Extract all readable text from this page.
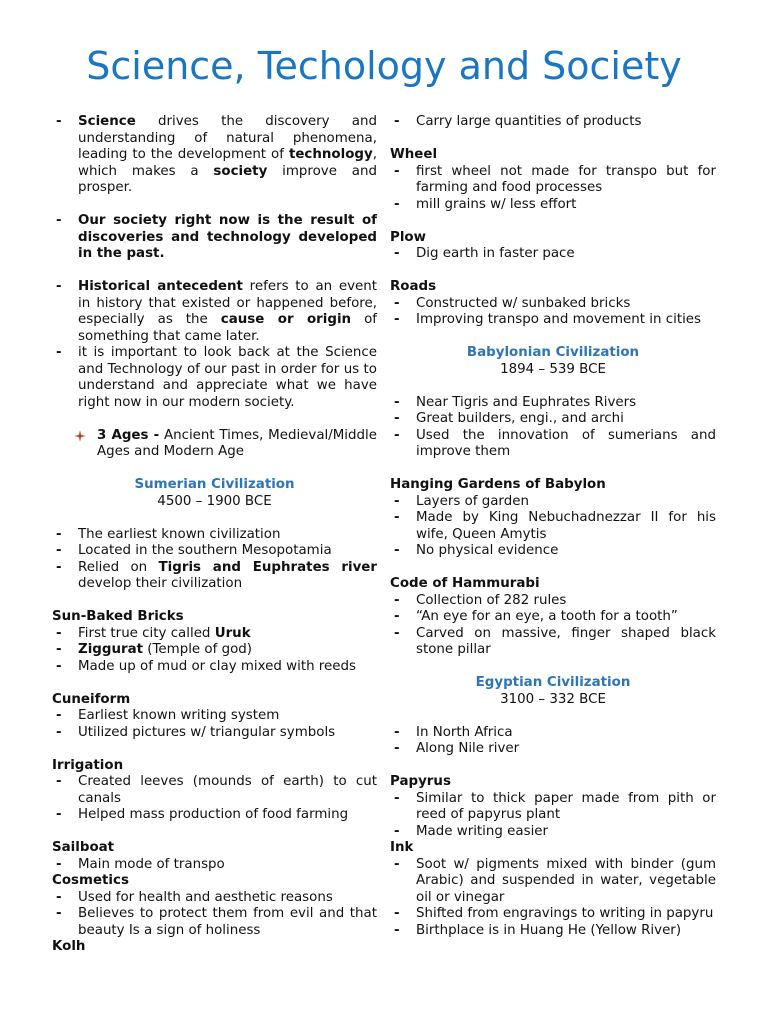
Science, Techology and Society
- Science drives the discovery and understanding of natural phenomena, leading to the development of technology, which makes a society improve and prosper.
- Our society right now is the result of discoveries and technology developed in the past.
- Historical antecedent refers to an event in history that existed or happened before, especially as the cause or origin of something that came later.
- it is important to look back at the Science and Technology of our past in order for us to understand and appreciate what we have right now in our modern society.
3 Ages - Ancient Times, Medieval/Middle Ages and Modern Age
Sumerian Civilization
4500 – 1900 BCE
- The earliest known civilization
- Located in the southern Mesopotamia
- Relied on Tigris and Euphrates river develop their civilization
Sun-Baked Bricks
- First true city called Uruk
- Ziggurat (Temple of god)
- Made up of mud or clay mixed with reeds
Cuneiform
- Earliest known writing system
- Utilized pictures w/ triangular symbols
Irrigation
- Created leeves (mounds of earth) to cut canals
- Helped mass production of food farming
Sailboat
- Main mode of transpo
Cosmetics
- Used for health and aesthetic reasons
- Believes to protect them from evil and that beauty Is a sign of holiness
Kolh
- Carry large quantities of products
Wheel
- first wheel not made for transpo but for farming and food processes
- mill grains w/ less effort
Plow
- Dig earth in faster pace
Roads
- Constructed w/ sunbaked bricks
- Improving transpo and movement in cities
Babylonian Civilization
1894 – 539 BCE
- Near Tigris and Euphrates Rivers
- Great builders, engi., and archi
- Used the innovation of sumerians and improve them
Hanging Gardens of Babylon
- Layers of garden
- Made by King Nebuchadnezzar II for his wife, Queen Amytis
- No physical evidence
Code of Hammurabi
- Collection of 282 rules
- “An eye for an eye, a tooth for a tooth”
- Carved on massive, finger shaped black stone pillar
Egyptian Civilization
3100 – 332 BCE
- In North Africa
- Along Nile river
Papyrus
- Similar to thick paper made from pith or reed of papyrus plant
- Made writing easier
Ink
- Soot w/ pigments mixed with binder (gum Arabic) and suspended in water, vegetable oil or vinegar
- Shifted from engravings to writing in papyru
- Birthplace is in Huang He (Yellow River)
